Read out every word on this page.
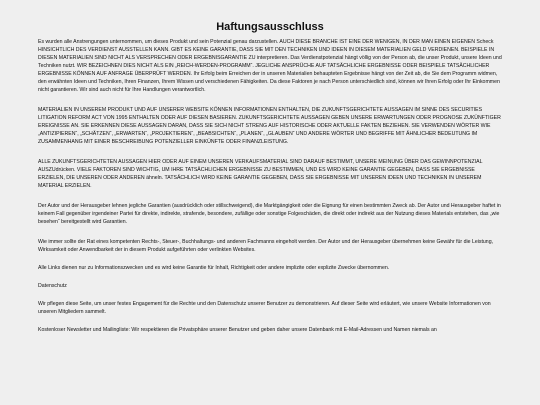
Haftungsausschluss

Es wurden alle Anstrengungen unternommen, um dieses Produkt und sein Potenzial genau darzustellen. AUCH DIESE BRANCHE IST EINE DER WENIGEN, IN DER MAN EINEN EIGENEN Scheck HINSICHTLICH DES VERDIENST AUSSTELLEN KANN. GIBT ES KEINE GARANTIE, DASS SIE MIT DEN TECHNIKEN UND IDEEN IN DIESEM MATERIALIEN GELD VERDIENEN. BEISPIELE IN DIESEN MATERIALIEN SIND NICHT ALS VERSPRECHEN ODER ERGEBNISGARANTIE ZU interpretieren. Das Verdienstpotenzial hängt völlig von der Person ab, die unser Produkt, unsere Ideen und Techniken nutzt. WIR BEZEICHNEN DIES NICHT ALS EIN „REICH-WERDEN-PROGRAMM“. JEGLICHE ANSPRÜCHE AUF TATSÄCHLICHE ERGEBNISSE ODER BEISPIELE TATSÄCHLICHER ERGEBNISSE KÖNNEN AUF ANFRAGE ÜBERPRÜFT WERDEN. Ihr Erfolg beim Erreichen der in unseren Materialien behaupteten Ergebnisse hängt von der Zeit ab, die Sie dem Programm widmen, den erwähnten Ideen und Techniken, Ihren Finanzen, Ihrem Wissen und verschiedenen Fähigkeiten. Da diese Faktoren je nach Person unterschiedlich sind, können wir Ihren Erfolg oder Ihr Einkommen nicht garantieren. Wir sind auch nicht für Ihre Handlungen verantwortlich.

MATERIALIEN IN UNSEREM PRODUKT UND AUF UNSERER WEBSITE KÖNNEN INFORMATIONEN ENTHALTEN, DIE ZUKUNFTSGERICHTETE AUSSAGEN IM SINNE DES SECURITIES LITIGATION REFORM ACT VON 1995 ENTHALTEN ODER AUF DIESEN BASIEREN. ZUKUNFTSGERICHTETE AUSSAGEN GEBEN UNSERE ERWARTUNGEN ODER PROGNOSE ZUKÜNFTIGER EREIGNISSE AN. SIE ERKENNEN DIESE AUSSAGEN DARAN, DASS SIE SICH NICHT STRENG AUF HISTORISCHE ODER AKTUELLE FAKTEN BEZIEHEN. SIE VERWENDEN WÖRTER WIE „ANTIZIPIEREN“, „SCHÄTZEN“, „ERWARTEN“, „PROJEKTIEREN“, „BEABSICHTEN“, „PLANEN“, „GLAUBEN“ UND ANDERE WÖRTER UND BEGRIFFE MIT ÄHNLICHER BEDEUTUNG IM ZUSAMMENHANG MIT EINER BESCHREIBUNG POTENZIELLER EINKÜNFTE ODER FINANZLEISTUNG.

ALLE ZUKUNFTSGERICHTETEN AUSSAGEN HIER ODER AUF EINEM UNSEREN VERKAUFSMATERIAL SIND DARAUF BESTIMMT, UNSERE MEINUNG ÜBER DAS GEWINNPOTENZIAL AUSZUdrücken. VIELE FAKTOREN SIND WICHTIG, UM IHRE TATSÄCHLICHEN ERGEBNISSE ZU BESTIMMEN, UND ES WIRD KEINE GARANTIE GEGEBEN, DASS SIE ERGEBNISSE ERZIELEN, DIE UNSEREN ODER ANDEREN ähneln. TATSÄCHLICH WIRD KEINE GARANTIE GEGEBEN, DASS SIE ERGEBNISSE MIT UNSEREN IDEEN UND TECHNIKEN IN UNSEREM MATERIAL ERZIELEN.

Der Autor und der Herausgeber lehnen jegliche Garantien (ausdrücklich oder stillschweigend), die Marktgängigkeit oder die Eignung für einen bestimmten Zweck ab. Der Autor und Herausgeber haftet in keinem Fall gegenüber irgendeiner Partei für direkte, indirekte, strafende, besondere, zufällige oder sonstige Folgeschäden, die direkt oder indirekt aus der Nutzung dieses Materials entstehen, das „wie besehen“ bereitgestellt wird Garantien.

Wie immer sollte der Rat eines kompetenten Rechts-, Steuer-, Buchhaltungs- und anderen Fachmanns eingeholt werden. Der Autor und der Herausgeber übernehmen keine Gewähr für die Leistung, Wirksamkeit oder Anwendbarkeit der in diesem Produkt aufgeführten oder verlinkten Websites.

Alle Links dienen nur zu Informationszwecken und es wird keine Garantie für Inhalt, Richtigkeit oder andere implizite oder explizite Zwecke übernommen.

Datenschutz

Wir pflegen diese Seite, um unser festes Engagement für die Rechte und den Datenschutz unserer Benutzer zu demonstrieren. Auf dieser Seite wird erläutert, wie unsere Website Informationen von unseren Mitgliedern sammelt.

Kostenloser Newsletter und Mailingliste: Wir respektieren die Privatsphäre unserer Benutzer und geben daher unsere Datenbank mit E-Mail-Adressen und Namen niemals an
